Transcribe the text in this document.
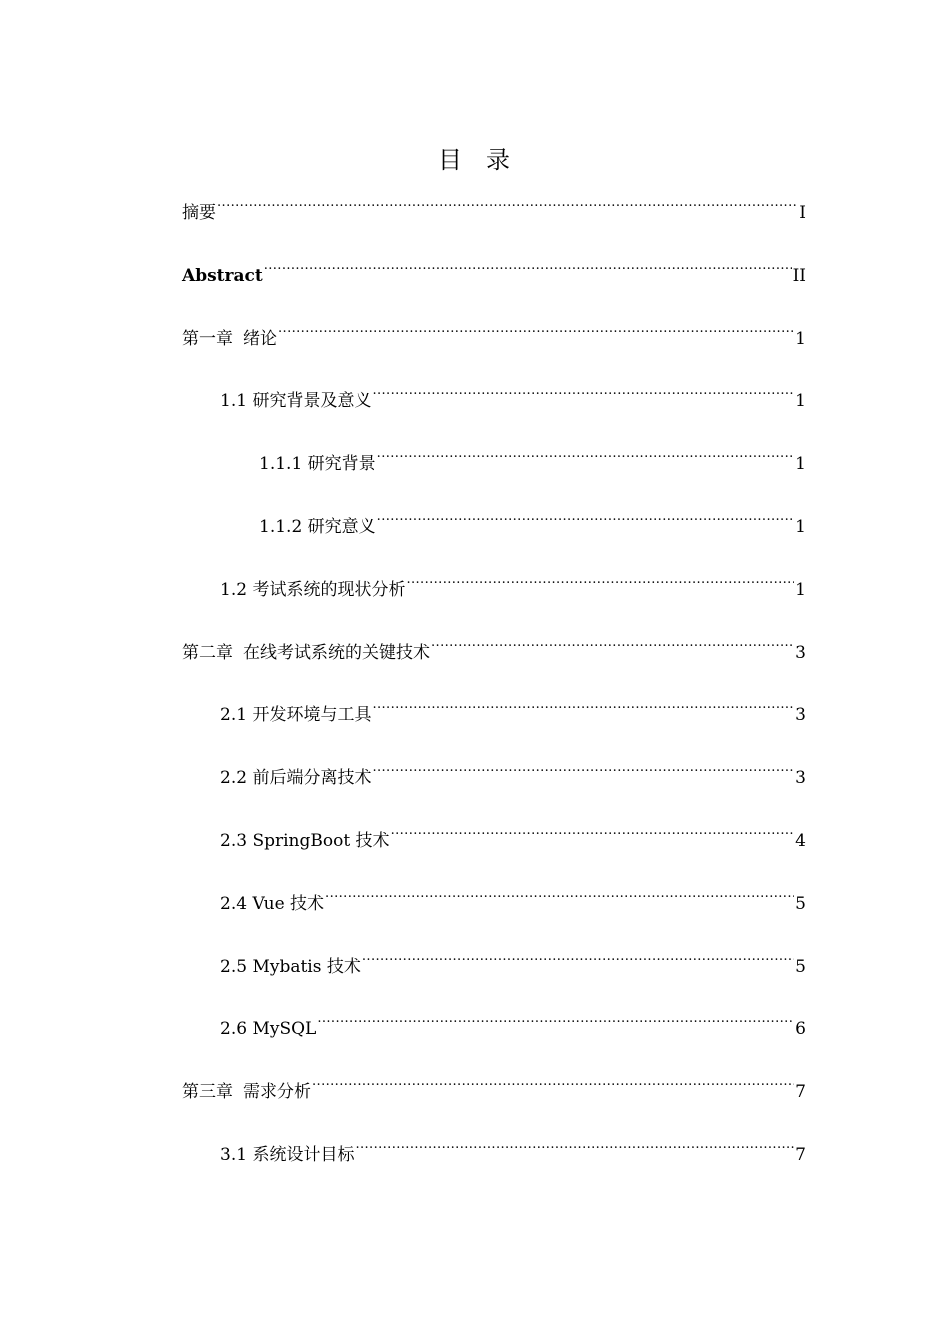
目 录
摘要 .....	I
Abstract .....	II
第一章 绪论 .....	1
1.1 研究背景及意义 .....	1
1.1.1 研究背景 .....	1
1.1.2 研究意义 .....	1
1.2 考试系统的现状分析 .....	1
第二章 在线考试系统的关键技术 .....	3
2.1 开发环境与工具 .....	3
2.2 前后端分离技术 .....	3
2.3 SpringBoot 技术 .....	4
2.4 Vue 技术 .....	5
2.5 Mybatis 技术 .....	5
2.6 MySQL .....	6
第三章 需求分析 .....	7
3.1 系统设计目标 .....	7
